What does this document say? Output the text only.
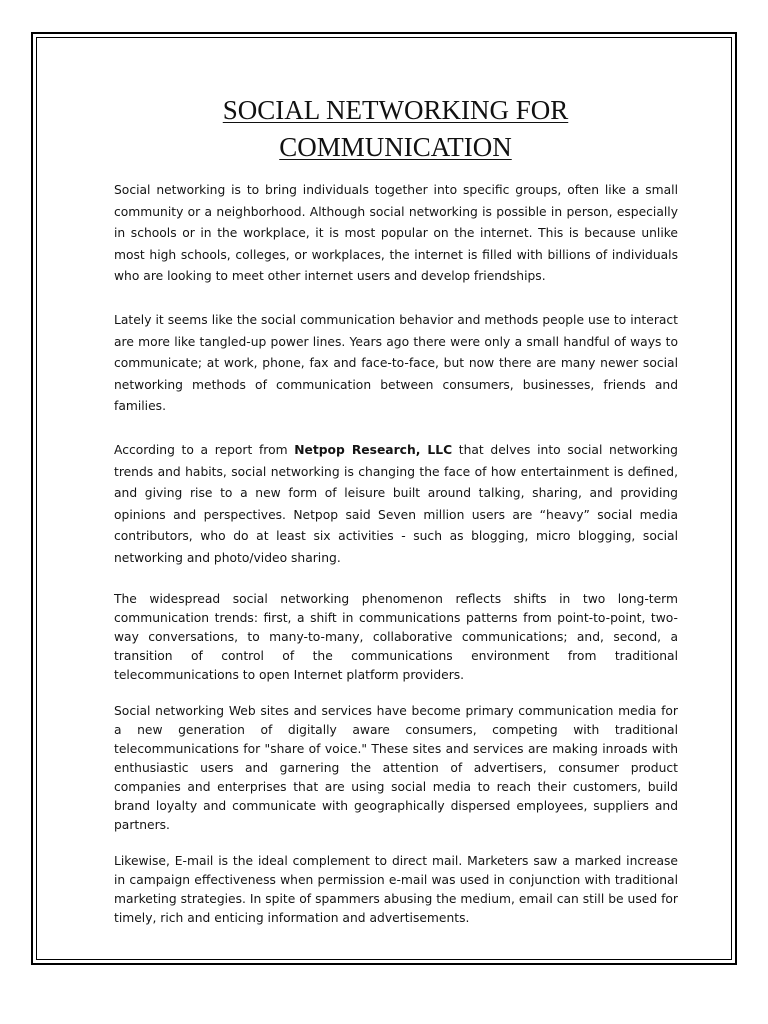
SOCIAL NETWORKING FOR
COMMUNICATION

Social networking is to bring individuals together into specific groups, often like a small community or a neighborhood. Although social networking is possible in person, especially in schools or in the workplace, it is most popular on the internet. This is because unlike most high schools, colleges, or workplaces, the internet is filled with billions of individuals who are looking to meet other internet users and develop friendships.

Lately it seems like the social communication behavior and methods people use to interact are more like tangled-up power lines. Years ago there were only a small handful of ways to communicate; at work, phone, fax and face-to-face, but now there are many newer social networking methods of communication between consumers, businesses, friends and families.

According to a report from Netpop Research, LLC that delves into social networking trends and habits, social networking is changing the face of how entertainment is defined, and giving rise to a new form of leisure built around talking, sharing, and providing opinions and perspectives. Netpop said Seven million users are “heavy” social media contributors, who do at least six activities - such as blogging, micro blogging, social networking and photo/video sharing.

The widespread social networking phenomenon reflects shifts in two long-term communication trends: first, a shift in communications patterns from point-to-point, two-way conversations, to many-to-many, collaborative communications; and, second, a transition of control of the communications environment from traditional telecommunications to open Internet platform providers.

Social networking Web sites and services have become primary communication media for a new generation of digitally aware consumers, competing with traditional telecommunications for "share of voice." These sites and services are making inroads with enthusiastic users and garnering the attention of advertisers, consumer product companies and enterprises that are using social media to reach their customers, build brand loyalty and communicate with geographically dispersed employees, suppliers and partners.

Likewise, E-mail is the ideal complement to direct mail. Marketers saw a marked increase in campaign effectiveness when permission e-mail was used in conjunction with traditional marketing strategies. In spite of spammers abusing the medium, email can still be used for timely, rich and enticing information and advertisements.
